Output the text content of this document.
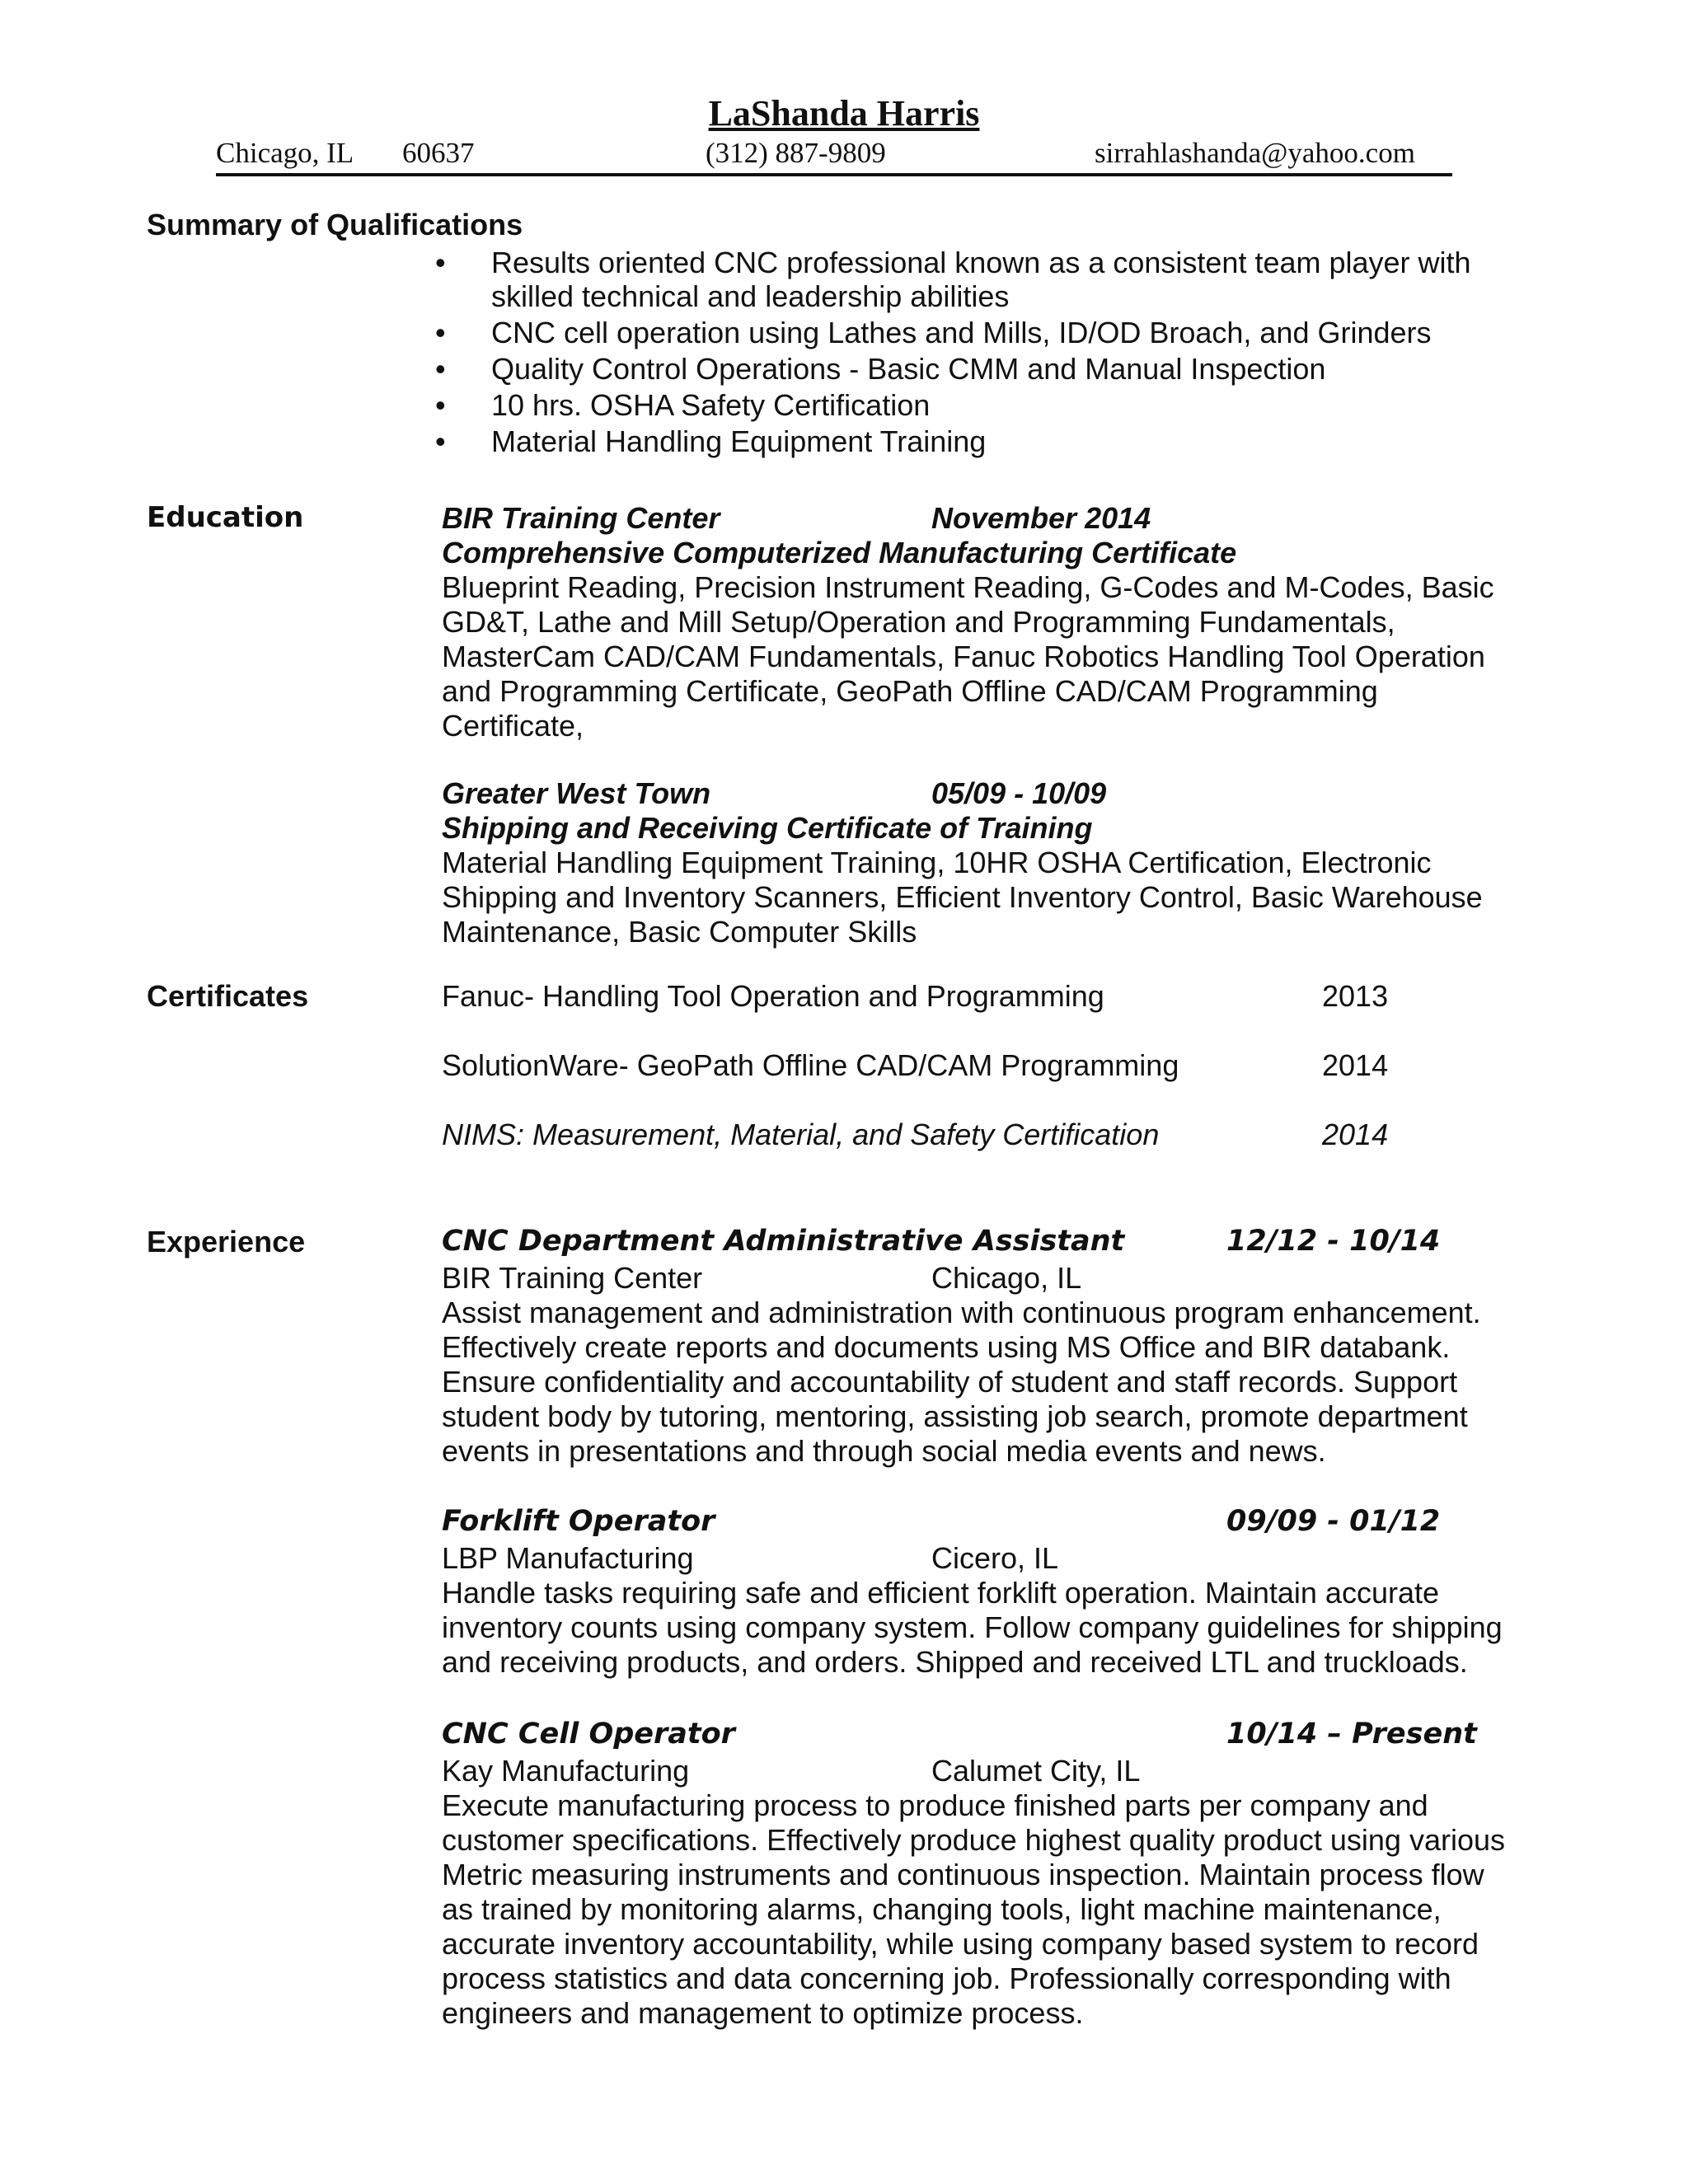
LaShanda Harris
Chicago, IL 60637	(312) 887-9809	sirrahlashanda@yahoo.com
Summary of Qualifications
• Results oriented CNC professional known as a consistent team player with skilled technical and leadership abilities
• CNC cell operation using Lathes and Mills, ID/OD Broach, and Grinders
• Quality Control Operations - Basic CMM and Manual Inspection
• 10 hrs. OSHA Safety Certification
• Material Handling Equipment Training
Education	BIR Training Center	November 2014
Comprehensive Computerized Manufacturing Certificate
Blueprint Reading, Precision Instrument Reading, G-Codes and M-Codes, Basic GD&T, Lathe and Mill Setup/Operation and Programming Fundamentals, MasterCam CAD/CAM Fundamentals, Fanuc Robotics Handling Tool Operation and Programming Certificate, GeoPath Offline CAD/CAM Programming Certificate,
Greater West Town	05/09 - 10/09
Shipping and Receiving Certificate of Training
Material Handling Equipment Training, 10HR OSHA Certification, Electronic Shipping and Inventory Scanners, Efficient Inventory Control, Basic Warehouse Maintenance, Basic Computer Skills
Certificates	Fanuc- Handling Tool Operation and Programming	2013
SolutionWare- GeoPath Offline CAD/CAM Programming	2014
NIMS: Measurement, Material, and Safety Certification	2014
Experience	CNC Department Administrative Assistant	12/12 - 10/14
BIR Training Center	Chicago, IL
Assist management and administration with continuous program enhancement. Effectively create reports and documents using MS Office and BIR databank. Ensure confidentiality and accountability of student and staff records. Support student body by tutoring, mentoring, assisting job search, promote department events in presentations and through social media events and news.
Forklift Operator	09/09 - 01/12
LBP Manufacturing	Cicero, IL
Handle tasks requiring safe and efficient forklift operation. Maintain accurate inventory counts using company system. Follow company guidelines for shipping and receiving products, and orders. Shipped and received LTL and truckloads.
CNC Cell Operator	10/14 – Present
Kay Manufacturing	Calumet City, IL
Execute manufacturing process to produce finished parts per company and customer specifications. Effectively produce highest quality product using various Metric measuring instruments and continuous inspection. Maintain process flow as trained by monitoring alarms, changing tools, light machine maintenance, accurate inventory accountability, while using company based system to record process statistics and data concerning job. Professionally corresponding with engineers and management to optimize process.
